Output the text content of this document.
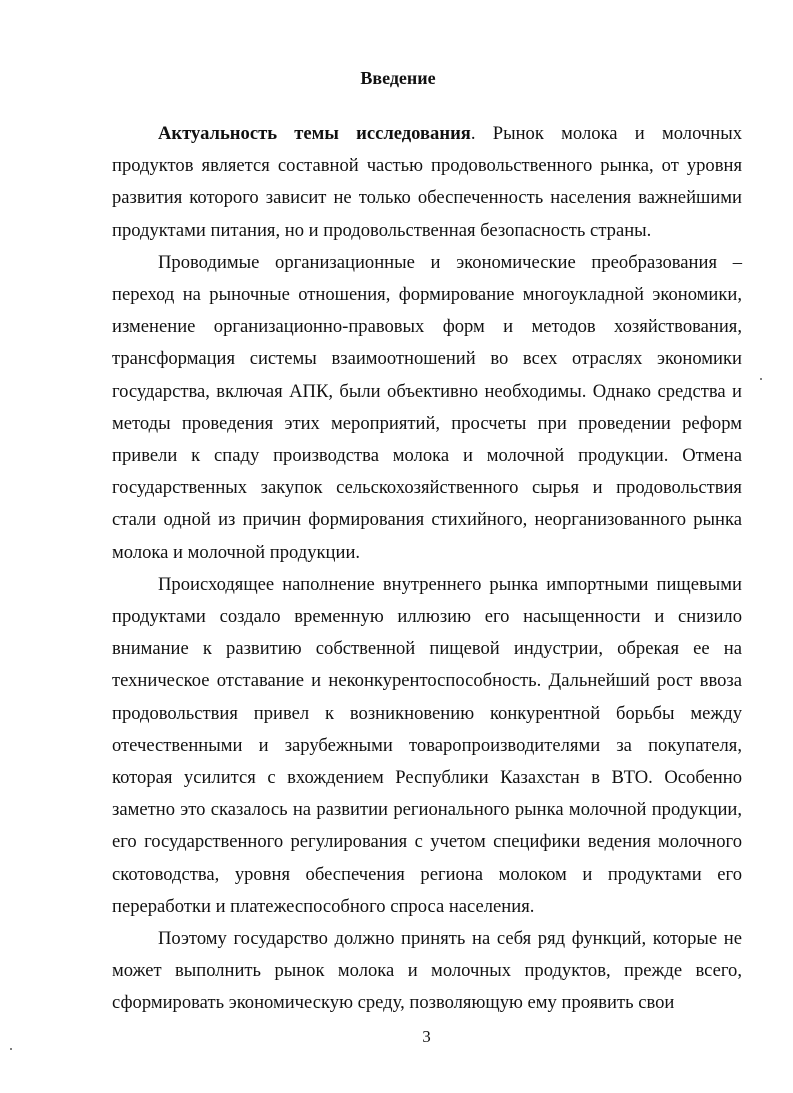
Введение

Актуальность темы исследования. Рынок молока и молочных продуктов является составной частью продовольственного рынка, от уровня развития которого зависит не только обеспеченность населения важнейшими продуктами питания, но и продовольственная безопасность страны.

Проводимые организационные и экономические преобразования – переход на рыночные отношения, формирование многоукладной экономики, изменение организационно-правовых форм и методов хозяйствования, трансформация системы взаимоотношений во всех отраслях экономики государства, включая АПК, были объективно необходимы. Однако средства и методы проведения этих мероприятий, просчеты при проведении реформ привели к спаду производства молока и молочной продукции. Отмена государственных закупок сельскохозяйственного сырья и продовольствия стали одной из причин формирования стихийного, неорганизованного рынка молока и молочной продукции.

Происходящее наполнение внутреннего рынка импортными пищевыми продуктами создало временную иллюзию его насыщенности и снизило внимание к развитию собственной пищевой индустрии, обрекая ее на техническое отставание и неконкурентоспособность. Дальнейший рост ввоза продовольствия привел к возникновению конкурентной борьбы между отечественными и зарубежными товаропроизводителями за покупателя, которая усилится с вхождением Республики Казахстан в ВТО. Особенно заметно это сказалось на развитии регионального рынка молочной продукции, его государственного регулирования с учетом специфики ведения молочного скотоводства, уровня обеспечения региона молоком и продуктами его переработки и платежеспособного спроса населения.

Поэтому государство должно принять на себя ряд функций, которые не может выполнить рынок молока и молочных продуктов, прежде всего, сформировать экономическую среду, позволяющую ему проявить свои

3
